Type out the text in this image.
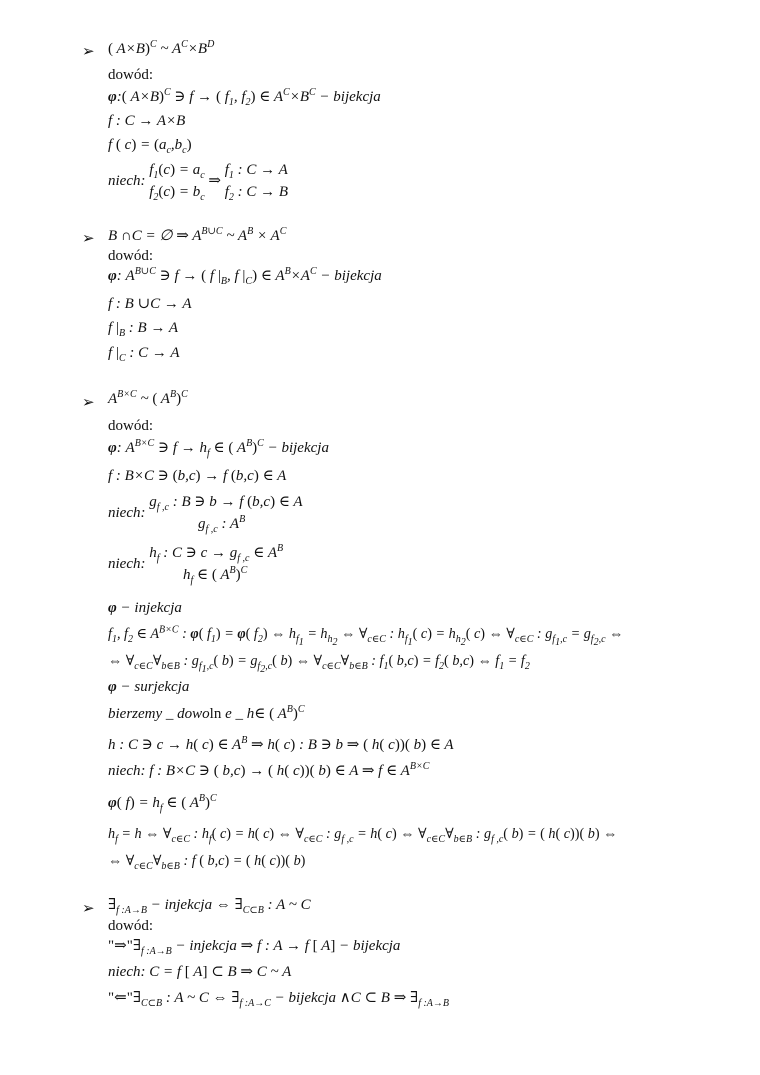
➢ ( A×B)$^C$ ~ $A^C\times B^D$
dowód:
φ:( A×B)$^C$ ∋ f → ( $f_1$, $f_2$) ∈ $A^C\times B^C$ − bijekcja
f : C → A×B
f ( $c) = (a_c,b_c)$
niech: $f_1(c) = a_c$
$f_2(c) = b_c$ ⇒ $f_1$ : C → A
$f_2$ : C → B
➢ B ∩C = ∅ ⇒ $A^{B\cup C}$ ~ $A^B \times A^C$
dowód:
φ: $A^{B\cup C}$ ∋ f → ( f $|_B$, f $|_C$) ∈ $A^B\times A^C$ − bijekcja
f : B ∪C → A
f $|_B$ : B → A
f $|_C$ : C → A
➢ $A^{B\times C}$ ~ ( $A^B)^C$
dowód:
φ: $A^{B\times C}$ ∋ $f \to h_f$ ∈ ( $A^B)^C$ − bijekcja
f : B×C ∋ (b,c) → f (b,c) ∈ A
niech: $g_{f ,c}$ : B ∋ b → f (b,c) ∈ A
$g_{f ,c}$ : $A^B$
niech: $h_f$ : C ∋ $c \to g_{f ,c}$ ∈ $A^B$
$h_f$ ∈ ( $A^B)^C$
φ − injekcja
$f_1$, $f_2$ ∈ $A^{B\times C}$ : φ( $f_1) = \varphi$( $f_2$) ⇔ $h_{f_1} = h_{h_2}$ ⇔ $\forall_{c\in C}$ : $h_{f_1}$( $c) = h_{h_2}$( c) ⇔ $\forall_{c\in C}$ : $g_{f_1,c} = g_{f_2,c}$ ⇔
⇔ $\forall_{c\in C}\forall_{b\in B}$ : $g_{f_1,c}$( $b) = g_{f_2,c}$( b) ⇔ $\forall_{c\in C}\forall_{b\in B}$ : $f_1$( $b,c) = f_2$( b,c) ⇔ $f_1 = f_2$
φ − surjekcja
bierzemy _ dowoln e _ h∈ ( $A^B)^C$
h : C ∋ c → h( c) ∈ $A^B$ ⇒ h( c) : B ∋ b ⇒ ( h( c))( b) ∈ A
niech: f : B×C ∋ ( b,c) → ( h( c))( b) ∈ A ⇒ f ∈ $A^{B\times C}$
φ( $f) = h_f$ ∈ ( $A^B)^C$
$h_f = h$ ⇔ $\forall_{c\in C}$ : $h_f$( c) = h( c) ⇔ $\forall_{c\in C}$ : $g_{f ,c} = h$( c) ⇔ $\forall_{c\in C}\forall_{b\in B}$ : $g_{f ,c}$( b) = ( h( c))( b) ⇔
⇔ $\forall_{c\in C}\forall_{b\in B}$ : f ( b,c) = ( h( c))( b)
➢ $\exists_{f :A\to B}$ − injekcja ⇔ $\exists_{C\subset B}$ : A ~ C
dowód:
"$\Rightarrow"\exists_{f :A\to B}$ − injekcja ⇒ f : A → f [ A] − bijekcja
niech: C = f [ A] ⊂ B ⇒ C ~ A
"$⇐"\exists_{C\subset B}$ : A ~ C ⇔ $\exists_{f :A\to C}$ − bijekcja ∧C ⊂ B ⇒ $\exists_{f :A\to B}$
